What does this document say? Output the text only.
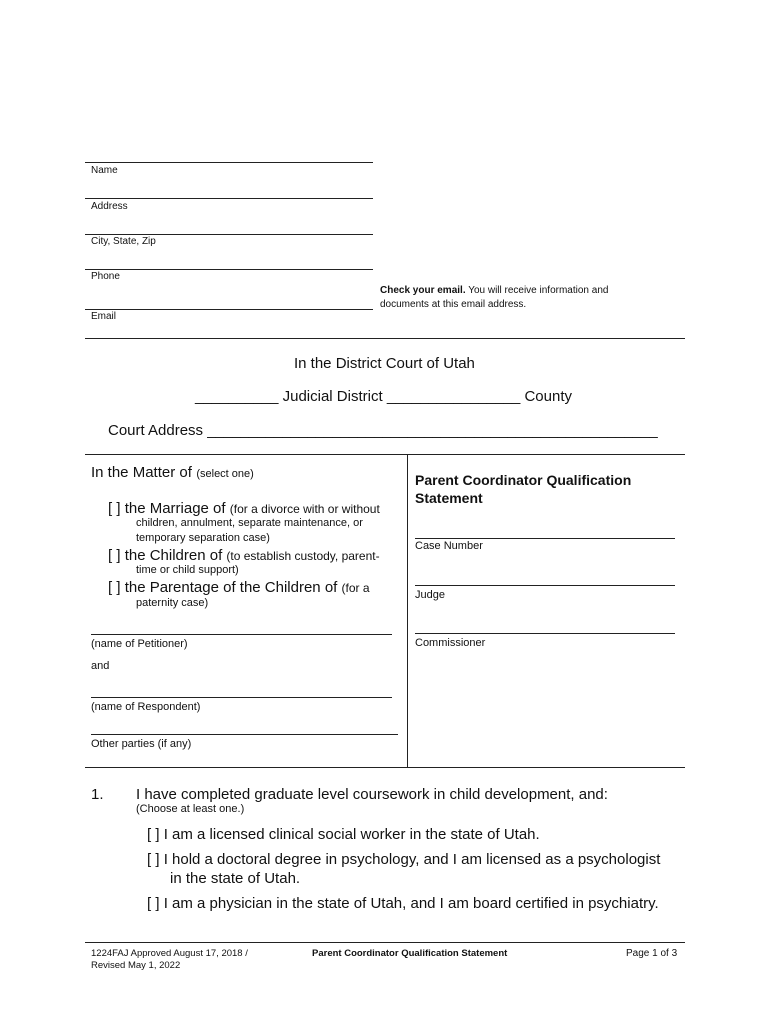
Name
Address
City, State, Zip
Phone
Email
Check your email. You will receive information and
documents at this email address.
In the District Court of Utah
__________ Judicial District ________________ County
Court Address ______________________________________________________
In the Matter of (select one)
[ ] the Marriage of (for a divorce with or without
children, annulment, separate maintenance, or
temporary separation case)
[ ] the Children of (to establish custody, parent-
time or child support)
[ ] the Parentage of the Children of (for a
paternity case)
(name of Petitioner)
and
(name of Respondent)
Other parties (if any)
Parent Coordinator Qualification
Statement
Case Number
Judge
Commissioner
1. I have completed graduate level coursework in child development, and:
(Choose at least one.)
[ ] I am a licensed clinical social worker in the state of Utah.
[ ] I hold a doctoral degree in psychology, and I am licensed as a psychologist
in the state of Utah.
[ ] I am a physician in the state of Utah, and I am board certified in psychiatry.
1224FAJ Approved August 17, 2018 /
Revised May 1, 2022
Parent Coordinator Qualification Statement	Page 1 of 3
